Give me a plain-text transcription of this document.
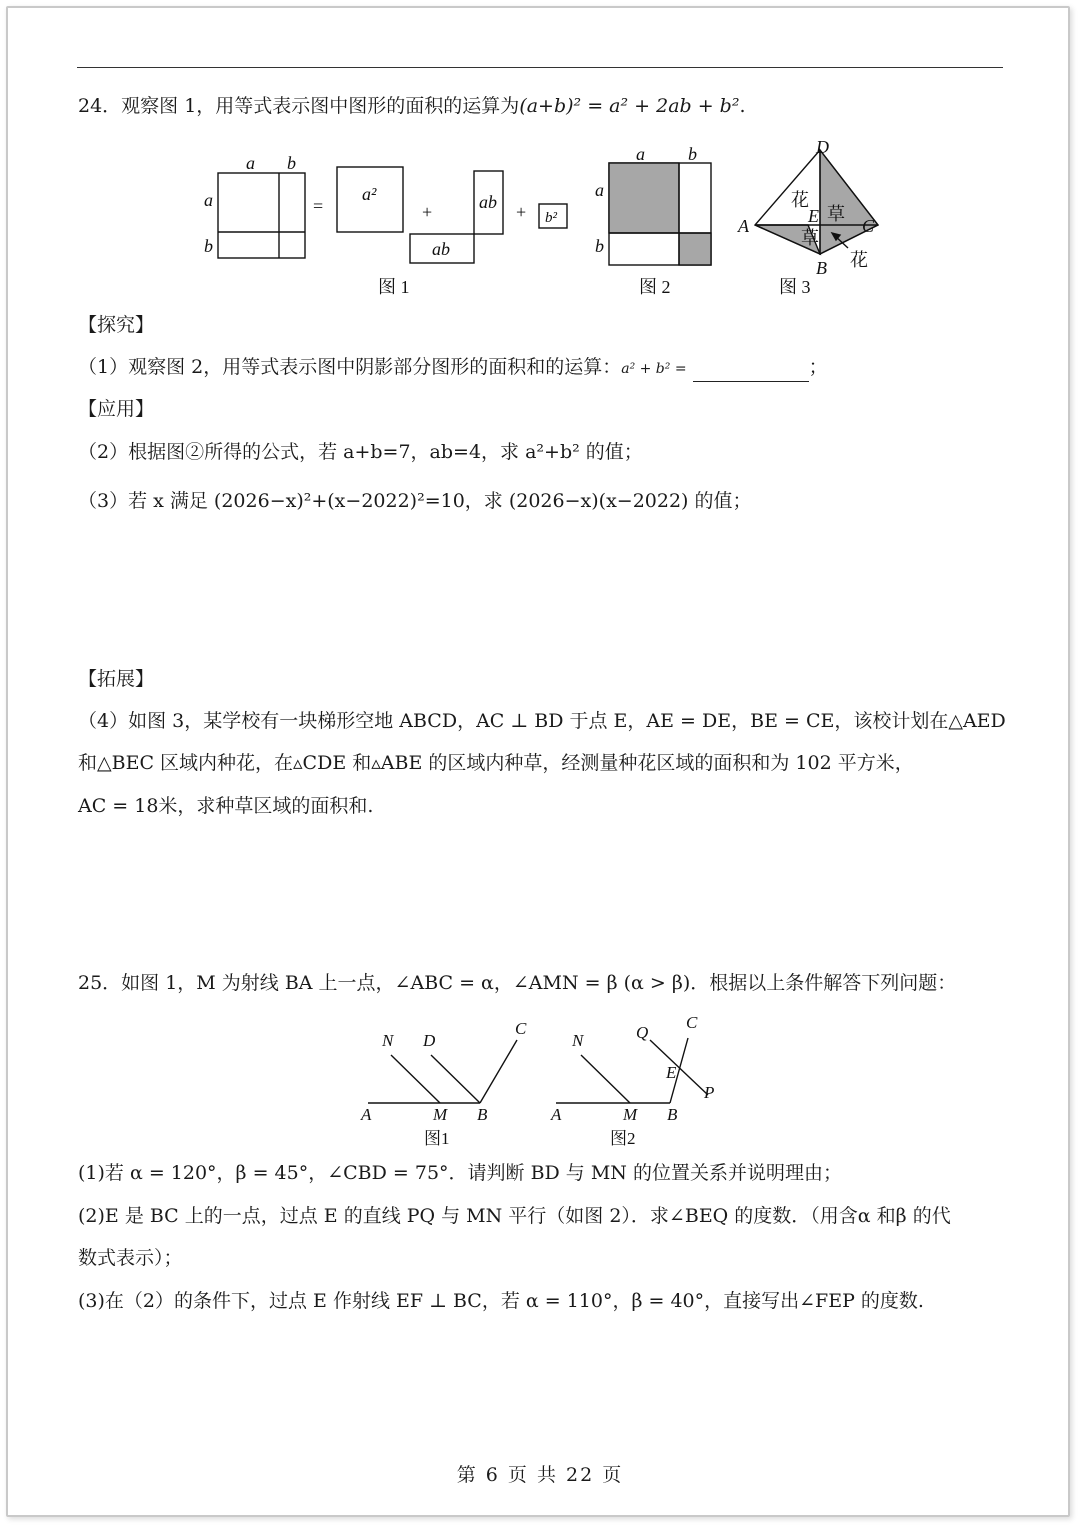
24．观察图 1，用等式表示图中图形的面积的运算为(a+b)² = a² + 2ab + b².
a b
a
b
a²	ab
ab
b²
a b
a
b
D
A	C
B
E
=	+	+
花
草
草
花
图 1	图 2	图 3
【探究】
（1）观察图 2，用等式表示图中阴影部分图形的面积和的运算：a² + b² =	；
【应用】
（2）根据图②所得的公式，若 a+b=7，ab=4，求 a²+b² 的值；
（3）若 x 满足 (2026−x)²+(x−2022)²=10，求 (2026−x)(x−2022) 的值；
【拓展】
（4）如图 3，某学校有一块梯形空地 ABCD，AC ⊥ BD 于点 E，AE = DE，BE = CE，该校计划在△AED
和△BEC 区域内种花，在▵CDE 和▵ABE 的区域内种草，经测量种花区域的面积和为 102 平方米，
AC = 18米，求种草区域的面积和.
25．如图 1，M 为射线 BA 上一点，∠ABC = α，∠AMN = β (α > β)．根据以上条件解答下列问题：
N D
C
A	M B
N	Q
C
E
P
A	M B
图1	图2
(1)若 α = 120°，β = 45°，∠CBD = 75°．请判断 BD 与 MN 的位置关系并说明理由；
(2)E 是 BC 上的一点，过点 E 的直线 PQ 与 MN 平行（如图 2）．求∠BEQ 的度数．（用含α 和β 的代
数式表示）；
(3)在（2）的条件下，过点 E 作射线 EF ⊥ BC，若 α = 110°，β = 40°，直接写出∠FEP 的度数.
第 6 页 共 22 页
